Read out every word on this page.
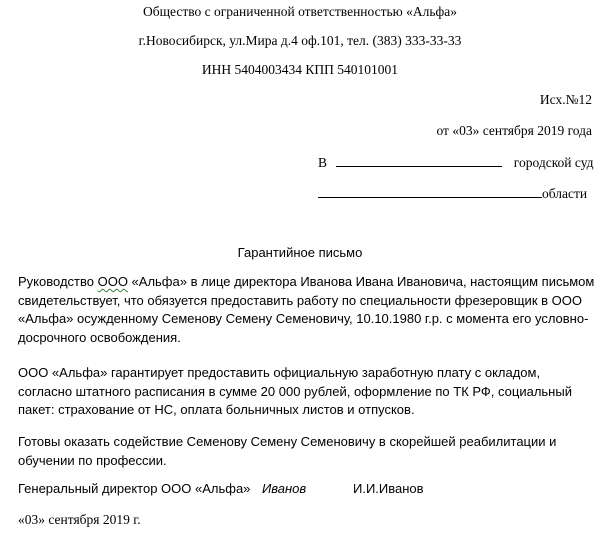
Общество с ограниченной ответственностью «Альфа»
г.Новосибирск, ул.Мира д.4 оф.101, тел. (383) 333-33-33
ИНН 5404003434 КПП 540101001
Исх.№12
от «03» сентября 2019 года
В	городской суд
области
Гарантийное письмо
Руководство ООО «Альфа» в лице директора Иванова Ивана Ивановича, настоящим письмом
свидетельствует, что обязуется предоставить работу по специальности фрезеровщик в ООО
«Альфа» осужденному Семенову Семену Семеновичу, 10.10.1980 г.р. с момента его условно-
досрочного освобождения.
ООО «Альфа» гарантирует предоставить официальную заработную плату с окладом,
согласно штатного расписания в сумме 20 000 рублей, оформление по ТК РФ, социальный
пакет: страхование от НС, оплата больничных листов и отпусков.
Готовы оказать содействие Семенову Семену Семеновичу в скорейшей реабилитации и
обучении по профессии.
Генеральный директор ООО «Альфа» Иванов	И.И.Иванов
«03» сентября 2019 г.
